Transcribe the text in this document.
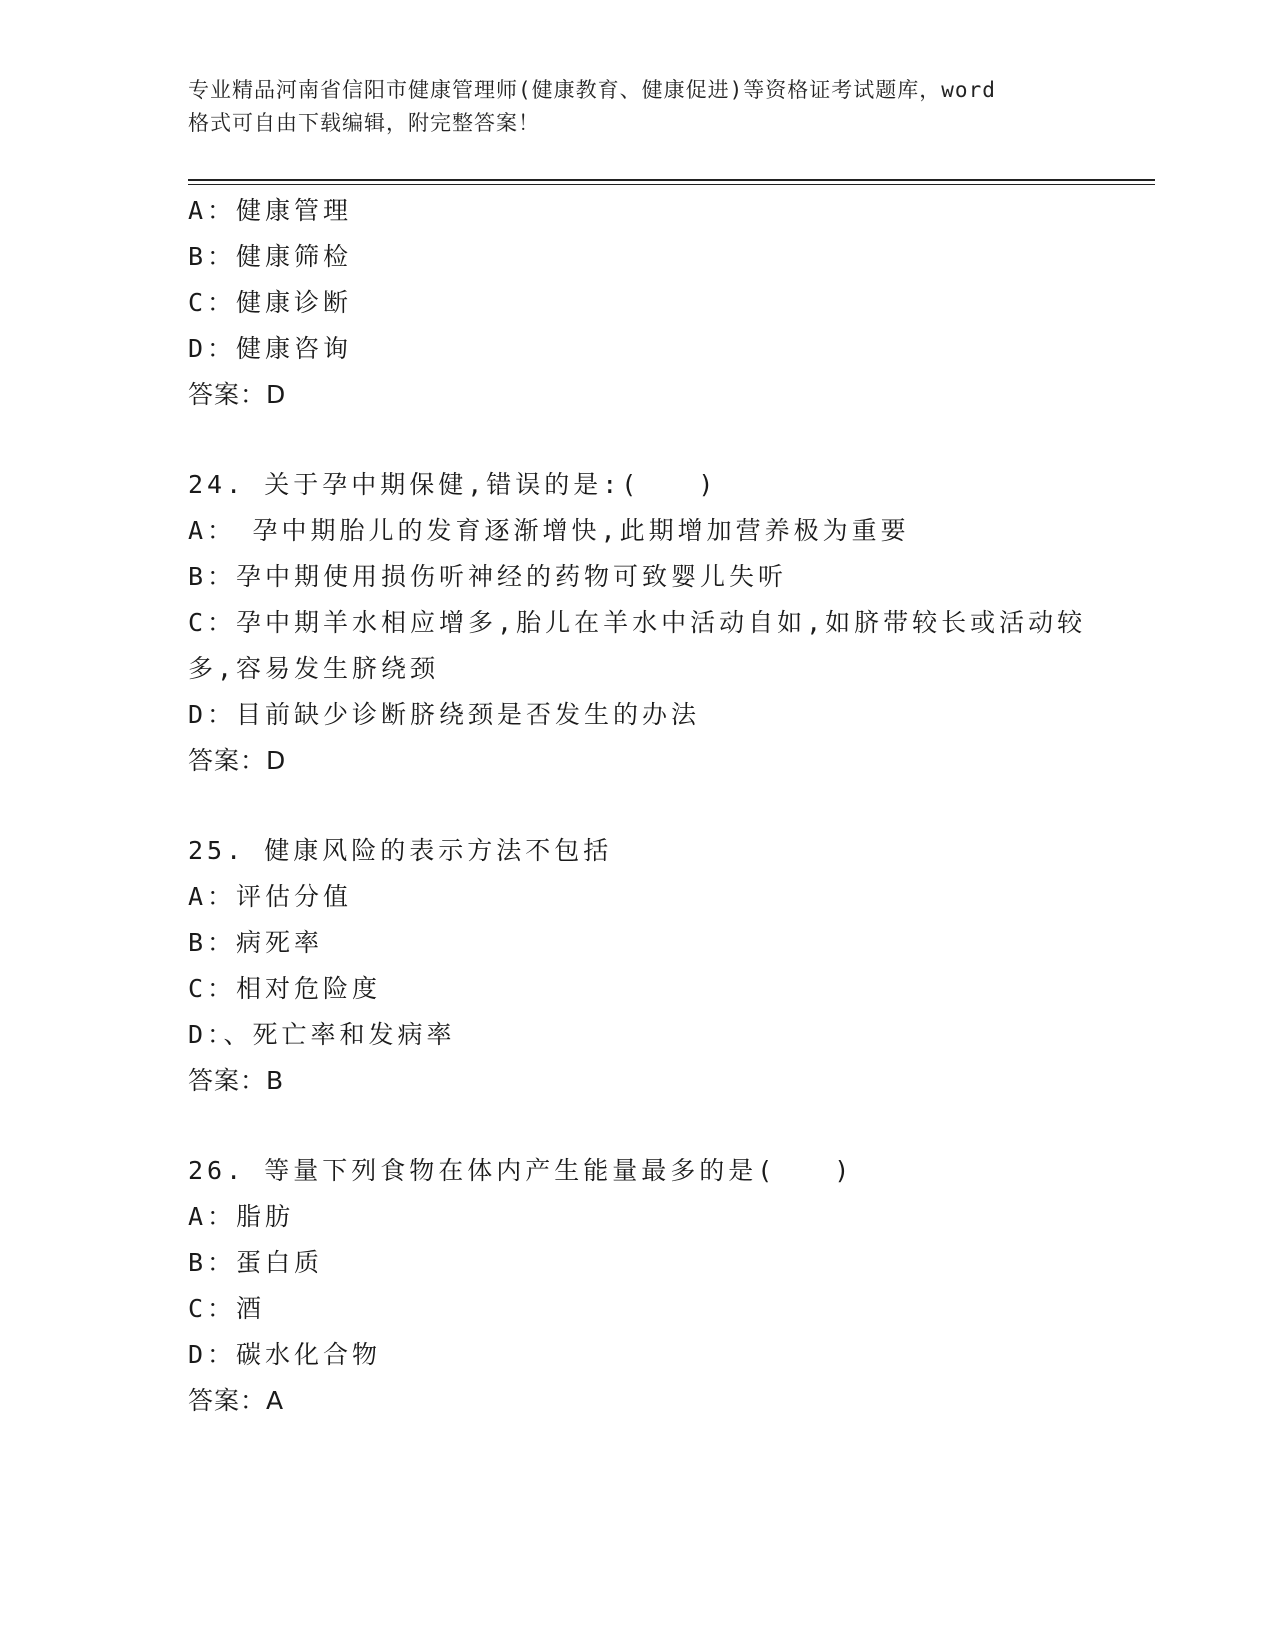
专业精品河南省信阳市健康管理师(健康教育、健康促进)等资格证考试题库，word
格式可自由下载编辑，附完整答案！
A：健康管理
B：健康筛检
C：健康诊断
D：健康咨询
答案：D
24. 关于孕中期保健,错误的是:(　　)
A：　孕中期胎儿的发育逐渐增快,此期增加营养极为重要
B：孕中期使用损伤听神经的药物可致婴儿失听
C：孕中期羊水相应增多,胎儿在羊水中活动自如,如脐带较长或活动较
多,容易发生脐绕颈
D：目前缺少诊断脐绕颈是否发生的办法
答案：D
25. 健康风险的表示方法不包括
A：评估分值
B：病死率
C：相对危险度
D：、死亡率和发病率
答案：B
26. 等量下列食物在体内产生能量最多的是(　　)
A：脂肪
B：蛋白质
C：酒
D：碳水化合物
答案：A
